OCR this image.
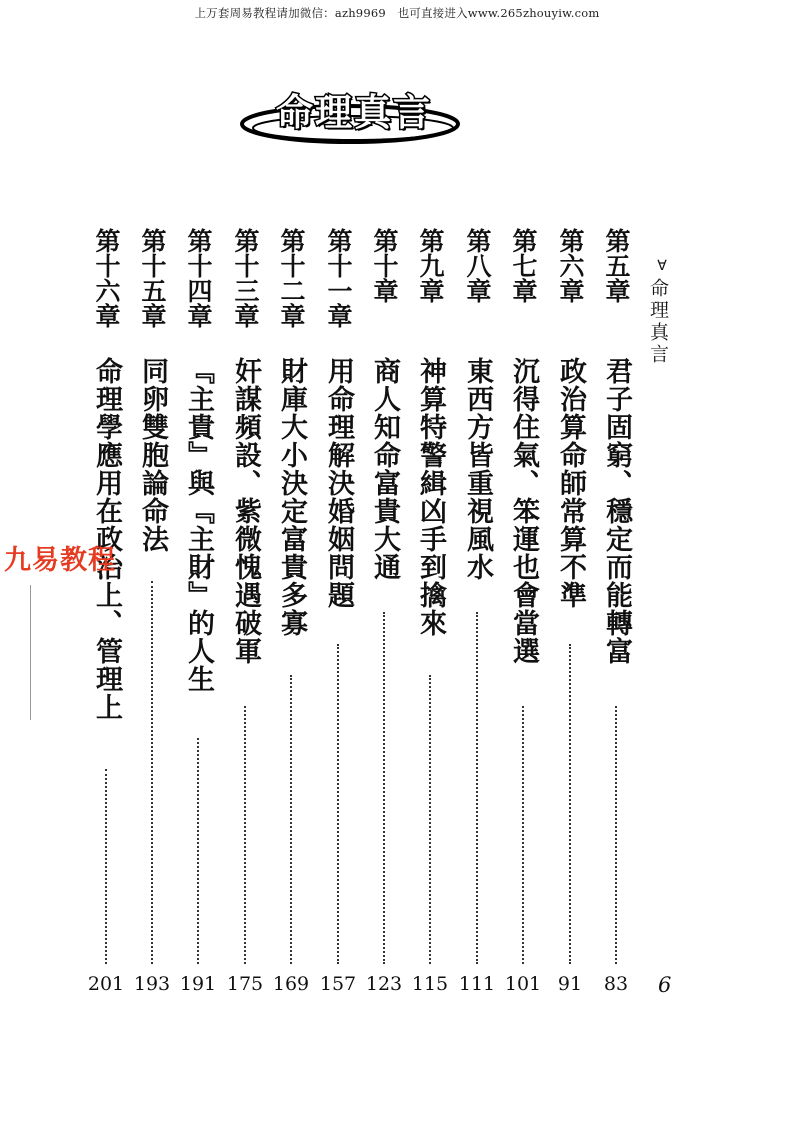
上万套周易教程请加微信：azh9969　也可直接进入www.265zhouyiw.com
命理真言
∀
命理真言
第五章
君子固窮、穩定而能轉富
83
第六章
政治算命師常算不準
91
第七章
沉得住氣、笨運也會當選
101
第八章
東西方皆重視風水
111
第九章
神算特警緝凶手到擒來
115
第十章
商人知命富貴大通
123
第十一章
用命理解決婚姻問題
157
第十二章
財庫大小決定富貴多寡
169
第十三章
奸謀頻設、紫微愧遇破軍
175
第十四章
『主貴』與『主財』的人生
191
第十五章
同卵雙胞論命法
193
第十六章
命理學應用在政治上、管理上
201	6
九易教程
